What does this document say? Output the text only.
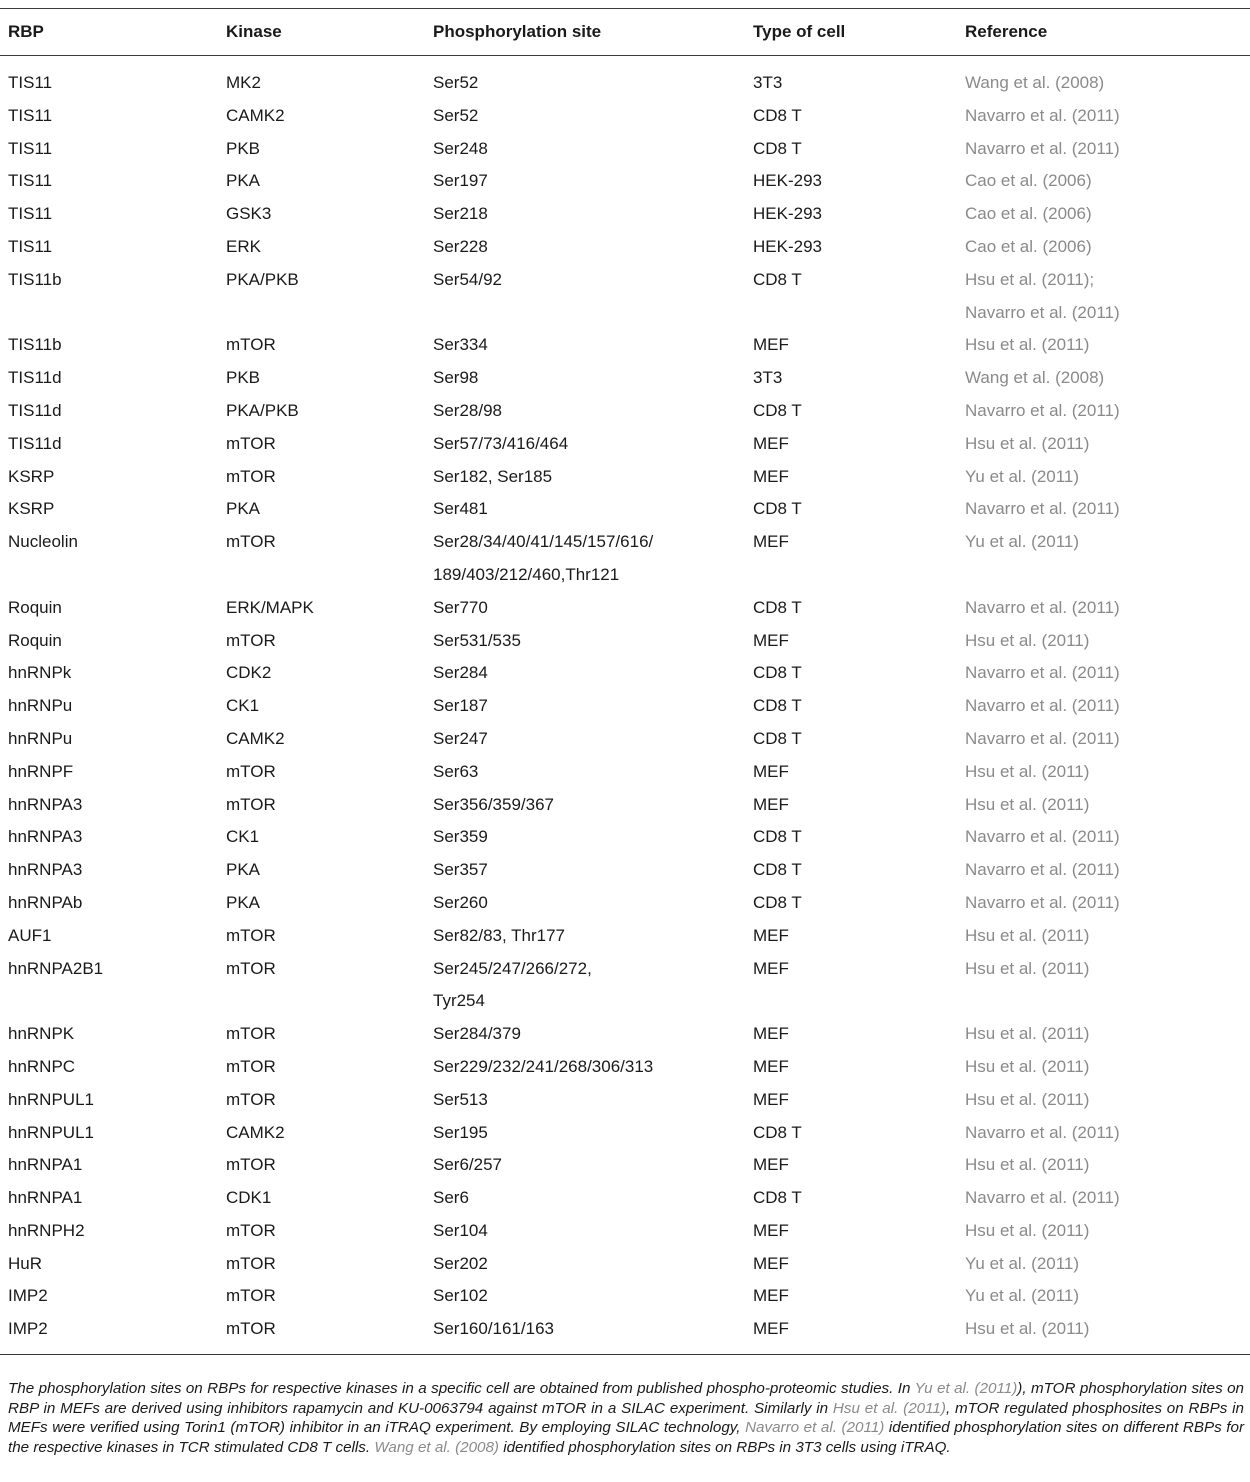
RBP	Kinase	Phosphorylation site	Type of cell	Reference
TIS11	MK2	Ser52	3T3	Wang et al. (2008)

TIS11	CAMK2	Ser52	CD8 T	Navarro et al. (2011)

TIS11	PKB	Ser248	CD8 T	Navarro et al. (2011)

TIS11	PKA	Ser197	HEK-293	Cao et al. (2006)

TIS11	GSK3	Ser218	HEK-293	Cao et al. (2006)

TIS11	ERK	Ser228	HEK-293	Cao et al. (2006)

TIS11b	PKA/PKB	Ser54/92	CD8 T	Hsu et al. (2011);
Navarro et al. (2011)

TIS11b	mTOR	Ser334	MEF	Hsu et al. (2011)

TIS11d	PKB	Ser98	3T3	Wang et al. (2008)

TIS11d	PKA/PKB	Ser28/98	CD8 T	Navarro et al. (2011)

TIS11d	mTOR	Ser57/73/416/464	MEF	Hsu et al. (2011)

KSRP	mTOR	Ser182, Ser185	MEF	Yu et al. (2011)

KSRP	PKA	Ser481	CD8 T	Navarro et al. (2011)

Nucleolin	mTOR	Ser28/34/40/41/145/157/616/
189/403/212/460,Thr121	MEF	Yu et al. (2011)

Roquin	ERK/MAPK	Ser770	CD8 T	Navarro et al. (2011)

Roquin	mTOR	Ser531/535	MEF	Hsu et al. (2011)

hnRNPk	CDK2	Ser284	CD8 T	Navarro et al. (2011)

hnRNPu	CK1	Ser187	CD8 T	Navarro et al. (2011)

hnRNPu	CAMK2	Ser247	CD8 T	Navarro et al. (2011)

hnRNPF	mTOR	Ser63	MEF	Hsu et al. (2011)

hnRNPA3	mTOR	Ser356/359/367	MEF	Hsu et al. (2011)

hnRNPA3	CK1	Ser359	CD8 T	Navarro et al. (2011)

hnRNPA3	PKA	Ser357	CD8 T	Navarro et al. (2011)

hnRNPAb	PKA	Ser260	CD8 T	Navarro et al. (2011)

AUF1	mTOR	Ser82/83, Thr177	MEF	Hsu et al. (2011)

hnRNPA2B1	mTOR	Ser245/247/266/272,
Tyr254	MEF	Hsu et al. (2011)

hnRNPK	mTOR	Ser284/379	MEF	Hsu et al. (2011)

hnRNPC	mTOR	Ser229/232/241/268/306/313	MEF	Hsu et al. (2011)

hnRNPUL1	mTOR	Ser513	MEF	Hsu et al. (2011)

hnRNPUL1	CAMK2	Ser195	CD8 T	Navarro et al. (2011)

hnRNPA1	mTOR	Ser6/257	MEF	Hsu et al. (2011)

hnRNPA1	CDK1	Ser6	CD8 T	Navarro et al. (2011)

hnRNPH2	mTOR	Ser104	MEF	Hsu et al. (2011)

HuR	mTOR	Ser202	MEF	Yu et al. (2011)

IMP2	mTOR	Ser102	MEF	Yu et al. (2011)

IMP2	mTOR	Ser160/161/163	MEF	Hsu et al. (2011)

The phosphorylation sites on RBPs for respective kinases in a specific cell are obtained from published phospho-proteomic studies. In Yu et al. (2011)), mTOR phosphorylation sites on RBP in MEFs are derived using inhibitors rapamycin and KU-0063794 against mTOR in a SILAC experiment. Similarly in Hsu et al. (2011), mTOR regulated phosphosites on RBPs in MEFs were verified using Torin1 (mTOR) inhibitor in an iTRAQ experiment. By employing SILAC technology, Navarro et al. (2011) identified phosphorylation sites on different RBPs for the respective kinases in TCR stimulated CD8 T cells. Wang et al. (2008) identified phosphorylation sites on RBPs in 3T3 cells using iTRAQ.
